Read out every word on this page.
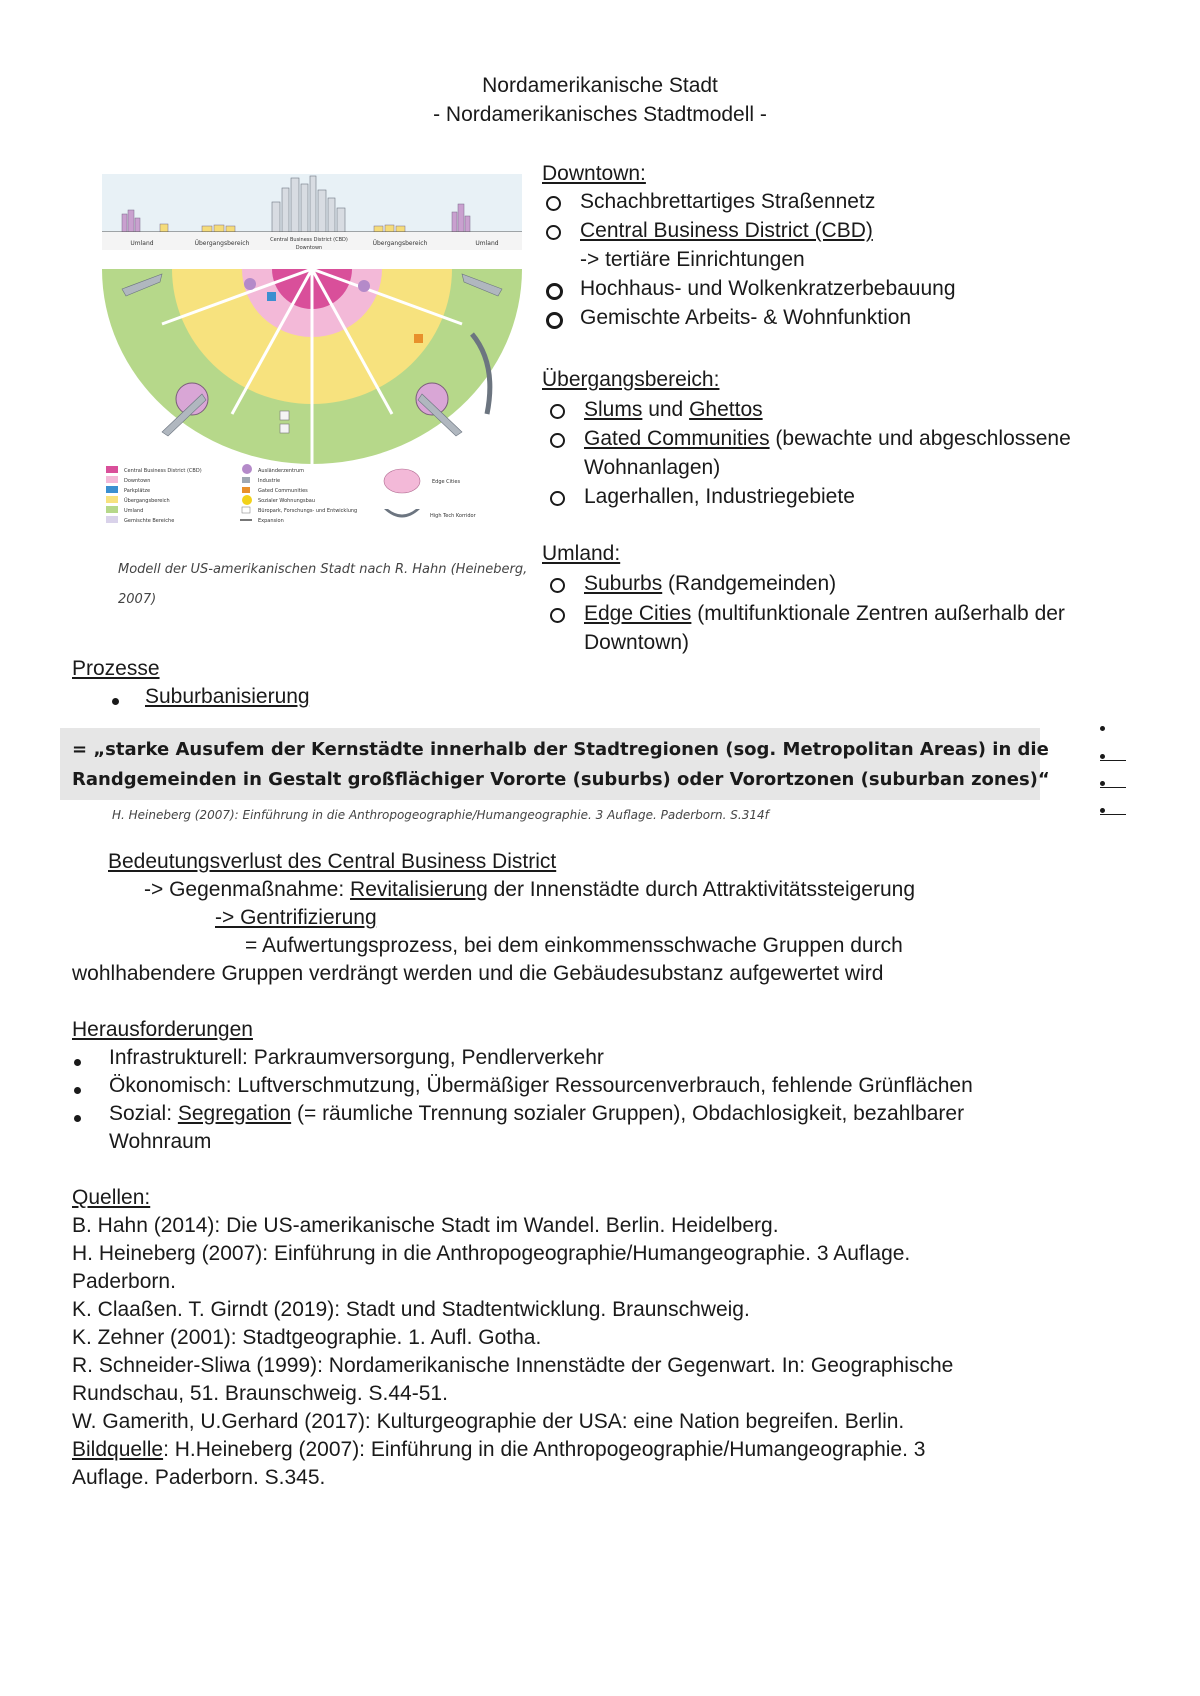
Nordamerikanische Stadt
- Nordamerikanisches Stadtmodell -
Umland	Übergangsbereich	Central Business District (CBD)
Downtown
Übergangsbereich	Umland
Central Business District (CBD)
Downtown
Parkplätze
Übergangsbereich
Umland
Gemischte Bereiche
Ausländerzentrum
Industrie
Gated Communities
Sozialer Wohnungsbau
Büropark, Forschungs- und Entwicklung
Expansion
Edge Cities
High Tech Korridor
Modell der US-amerikanischen Stadt nach R. Hahn (Heineberg,
2007)
Downtown:
Schachbrettartiges Straßennetz
Central Business District (CBD)
-> tertiäre Einrichtungen
Hochhaus- und Wolkenkratzerbebauung
Gemischte Arbeits- & Wohnfunktion
Übergangsbereich:
Slums und Ghettos
Gated Communities (bewachte und abgeschlossene
Wohnanlagen)
Lagerhallen, Industriegebiete
Umland:
Suburbs (Randgemeinden)
Edge Cities (multifunktionale Zentren außerhalb der
Downtown)
Prozesse
Suburbanisierung
= „starke Ausufem der Kernstädte innerhalb der Stadtregionen (sog. Metropolitan Areas) in die
Randgemeinden in Gestalt großflächiger Vororte (suburbs) oder Vorortzonen (suburban zones)“
H. Heineberg (2007): Einführung in die Anthropogeographie/Humangeographie. 3 Auflage. Paderborn. S.314f
Bedeutungsverlust des Central Business District
-> Gegenmaßnahme: Revitalisierung der Innenstädte durch Attraktivitätssteigerung
-> Gentrifizierung
= Aufwertungsprozess, bei dem einkommensschwache Gruppen durch
wohlhabendere Gruppen verdrängt werden und die Gebäudesubstanz aufgewertet wird
Herausforderungen
Infrastrukturell: Parkraumversorgung, Pendlerverkehr
Ökonomisch: Luftverschmutzung, Übermäßiger Ressourcenverbrauch, fehlende Grünflächen
Sozial: Segregation (= räumliche Trennung sozialer Gruppen), Obdachlosigkeit, bezahlbarer
Wohnraum
Quellen:
B. Hahn (2014): Die US-amerikanische Stadt im Wandel. Berlin. Heidelberg.
H. Heineberg (2007): Einführung in die Anthropogeographie/Humangeographie. 3 Auflage.
Paderborn.
K. Claaßen. T. Girndt (2019): Stadt und Stadtentwicklung. Braunschweig.
K. Zehner (2001): Stadtgeographie. 1. Aufl. Gotha.
R. Schneider-Sliwa (1999): Nordamerikanische Innenstädte der Gegenwart. In: Geographische
Rundschau, 51. Braunschweig. S.44-51.
W. Gamerith, U.Gerhard (2017): Kulturgeographie der USA: eine Nation begreifen. Berlin.
Bildquelle: H.Heineberg (2007): Einführung in die Anthropogeographie/Humangeographie. 3
Auflage. Paderborn. S.345.
